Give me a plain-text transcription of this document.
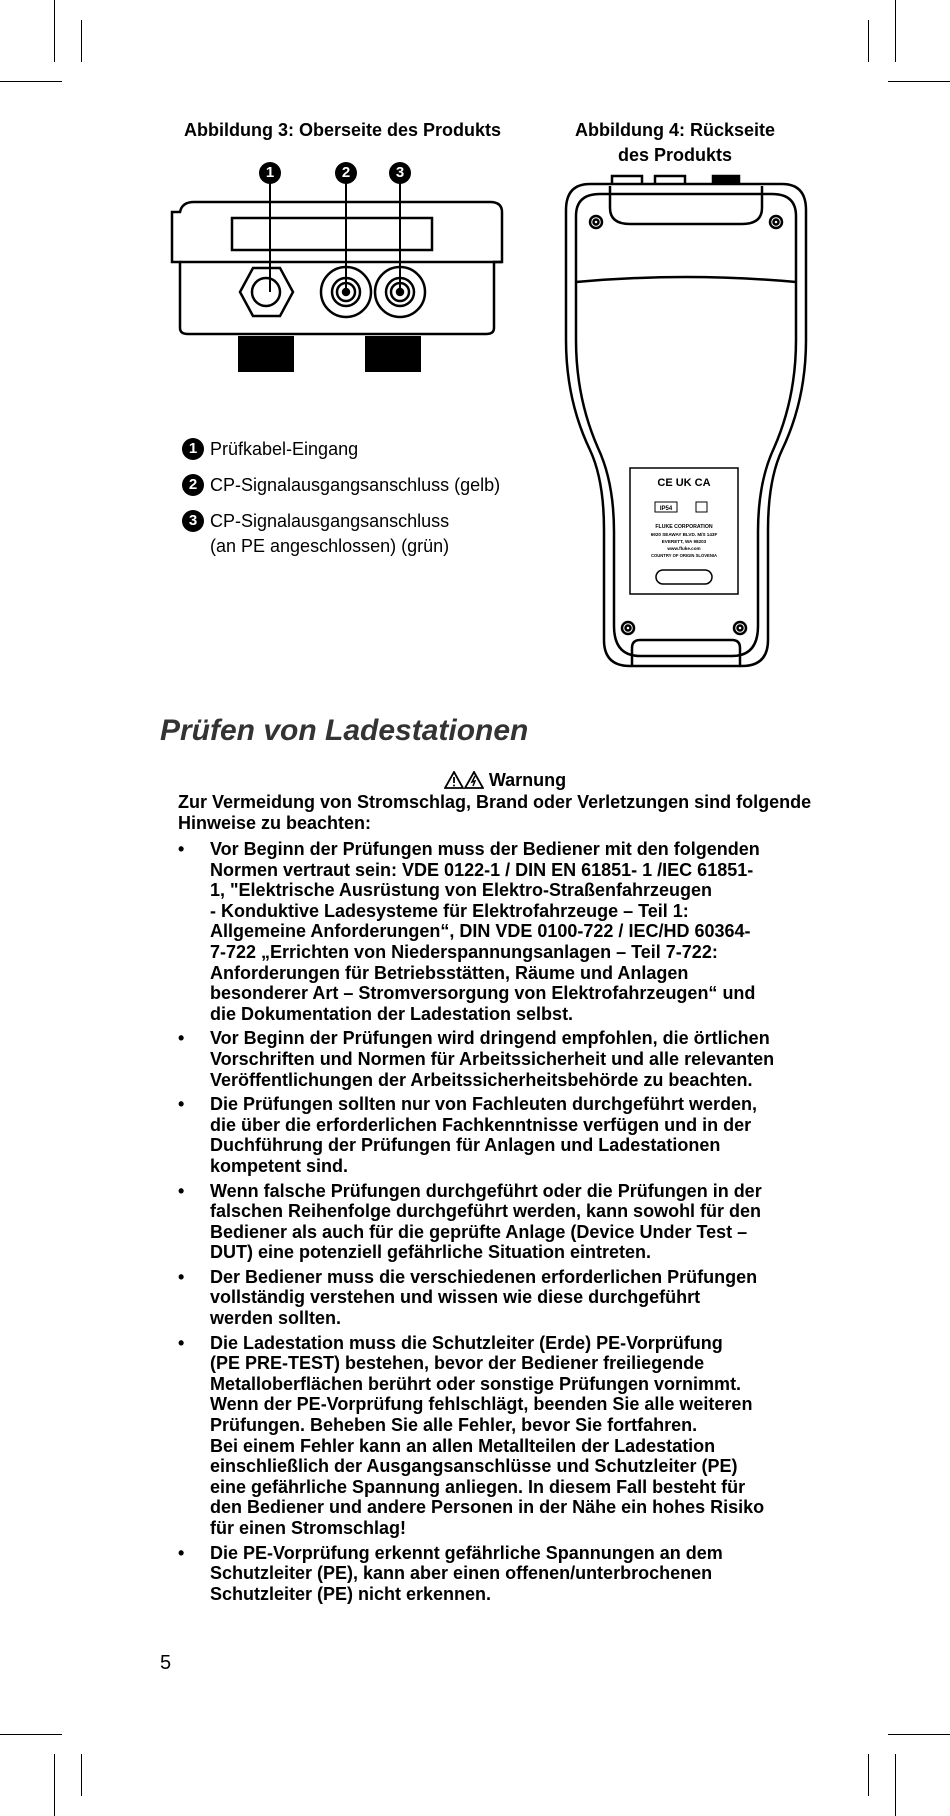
Abbildung 3: Oberseite des Produkts	Abbildung 4: Rückseite
des Produkts
1	2	3
CE UK CA
IP54
FLUKE CORPORATION
6920 SEAWAY BLVD. M/S 143F
EVERETT, WA 98203
www.fluke.com
COUNTRY OF ORIGIN SLOVENIA
1 Prüfkabel-Eingang
2 CP-Signalausgangsanschluss (gelb)
3 CP-Signalausgangsanschluss
(an PE angeschlossen) (grün)
Prüfen von Ladestationen
Warnung
Zur Vermeidung von Stromschlag, Brand oder Verletzungen sind folgende Hinweise zu beachten:
• Vor Beginn der Prüfungen muss der Bediener mit den folgenden
Normen vertraut sein: VDE 0122-1 / DIN EN 61851- 1 /IEC 61851-
1, "Elektrische Ausrüstung von Elektro-Straßenfahrzeugen
- Konduktive Ladesysteme für Elektrofahrzeuge – Teil 1:
Allgemeine Anforderungen“, DIN VDE 0100-722 / IEC/HD 60364-
7-722 „Errichten von Niederspannungsanlagen – Teil 7-722:
Anforderungen für Betriebsstätten, Räume und Anlagen
besonderer Art – Stromversorgung von Elektrofahrzeugen“ und
die Dokumentation der Ladestation selbst.
• Vor Beginn der Prüfungen wird dringend empfohlen, die örtlichen
Vorschriften und Normen für Arbeitssicherheit und alle relevanten
Veröffentlichungen der Arbeitssicherheitsbehörde zu beachten.
• Die Prüfungen sollten nur von Fachleuten durchgeführt werden,
die über die erforderlichen Fachkenntnisse verfügen und in der
Duchführung der Prüfungen für Anlagen und Ladestationen
kompetent sind.
• Wenn falsche Prüfungen durchgeführt oder die Prüfungen in der
falschen Reihenfolge durchgeführt werden, kann sowohl für den
Bediener als auch für die geprüfte Anlage (Device Under Test –
DUT) eine potenziell gefährliche Situation eintreten.
• Der Bediener muss die verschiedenen erforderlichen Prüfungen
vollständig verstehen und wissen wie diese durchgeführt
werden sollten.
• Die Ladestation muss die Schutzleiter (Erde) PE-Vorprüfung
(PE PRE-TEST) bestehen, bevor der Bediener freiliegende
Metalloberflächen berührt oder sonstige Prüfungen vornimmt.
Wenn der PE-Vorprüfung fehlschlägt, beenden Sie alle weiteren
Prüfungen. Beheben Sie alle Fehler, bevor Sie fortfahren.
Bei einem Fehler kann an allen Metallteilen der Ladestation
einschließlich der Ausgangsanschlüsse und Schutzleiter (PE)
eine gefährliche Spannung anliegen. In diesem Fall besteht für
den Bediener und andere Personen in der Nähe ein hohes Risiko
für einen Stromschlag!
• Die PE-Vorprüfung erkennt gefährliche Spannungen an dem
Schutzleiter (PE), kann aber einen offenen/unterbrochenen
Schutzleiter (PE) nicht erkennen.
5
